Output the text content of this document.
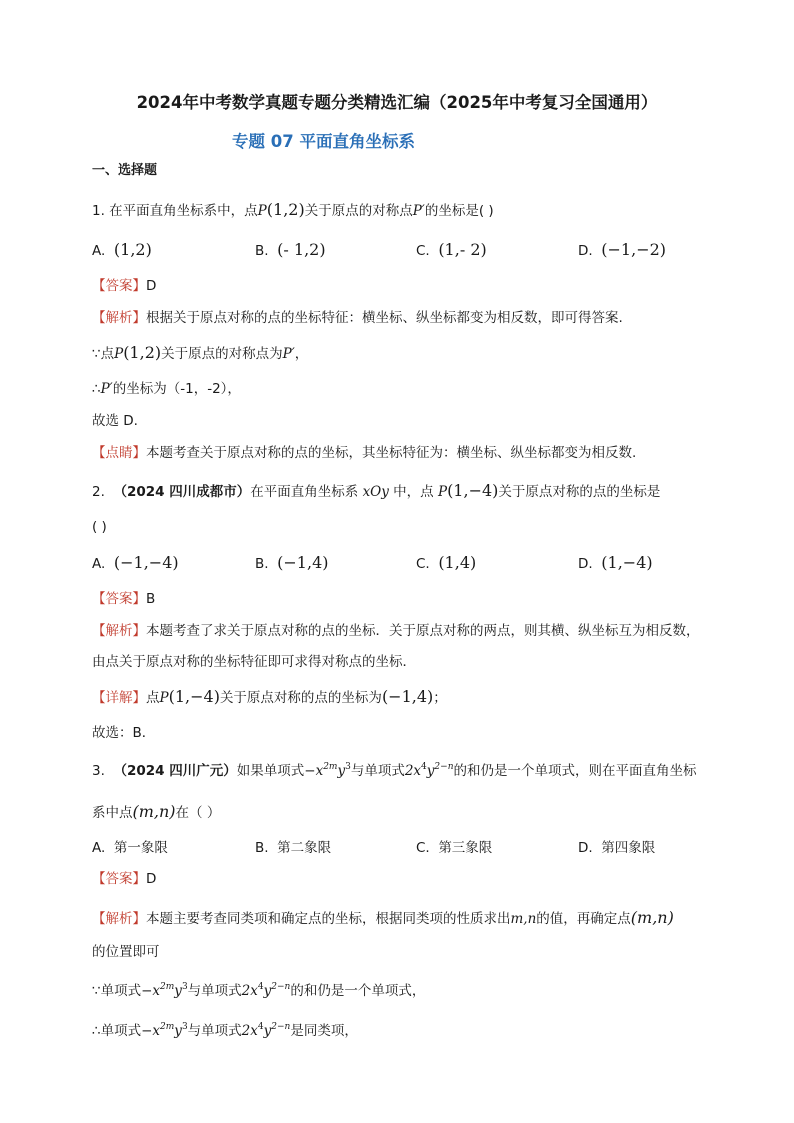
2024年中考数学真题专题分类精选汇编（2025年中考复习全国通用）
专题 07 平面直角坐标系
一、选择题
1. 在平面直角坐标系中，点P(1,2)关于原点的对称点P′的坐标是( )
A. (1,2)	B. (- 1,2)	C. (1,- 2)	D. (−1,−2)
【答案】D
【解析】根据关于原点对称的点的坐标特征：横坐标、纵坐标都变为相反数，即可得答案.
∵点P(1,2)关于原点的对称点为P′，
∴P′的坐标为（-1，-2），
故选 D.
【点睛】本题考查关于原点对称的点的坐标，其坐标特征为：横坐标、纵坐标都变为相反数.
2. （2024 四川成都市）在平面直角坐标系 xOy 中，点 P(1,−4)关于原点对称的点的坐标是
( )
A. (−1,−4)	B. (−1,4)	C. (1,4)	D. (1,−4)
【答案】B
【解析】本题考查了求关于原点对称的点的坐标．关于原点对称的两点，则其横、纵坐标互为相反数，
由点关于原点对称的坐标特征即可求得对称点的坐标．
【详解】点P(1,−4)关于原点对称的点的坐标为(−1,4)；
故选：B．
3. （2024 四川广元）如果单项式$-x^{2m}y^3$与单项式$2x^4y^{2-n}$的和仍是一个单项式，则在平面直角坐标
系中点(m,n)在（ ）
A. 第一象限	B. 第二象限	C. 第三象限	D. 第四象限
【答案】D
【解析】本题主要考查同类项和确定点的坐标，根据同类项的性质求出m,n的值，再确定点(m,n)
的位置即可
∵单项式$-x^{2m}y^3$与单项式$2x^4y^{2-n}$的和仍是一个单项式，
∴单项式$-x^{2m}y^3$与单项式$2x^4y^{2-n}$是同类项，
